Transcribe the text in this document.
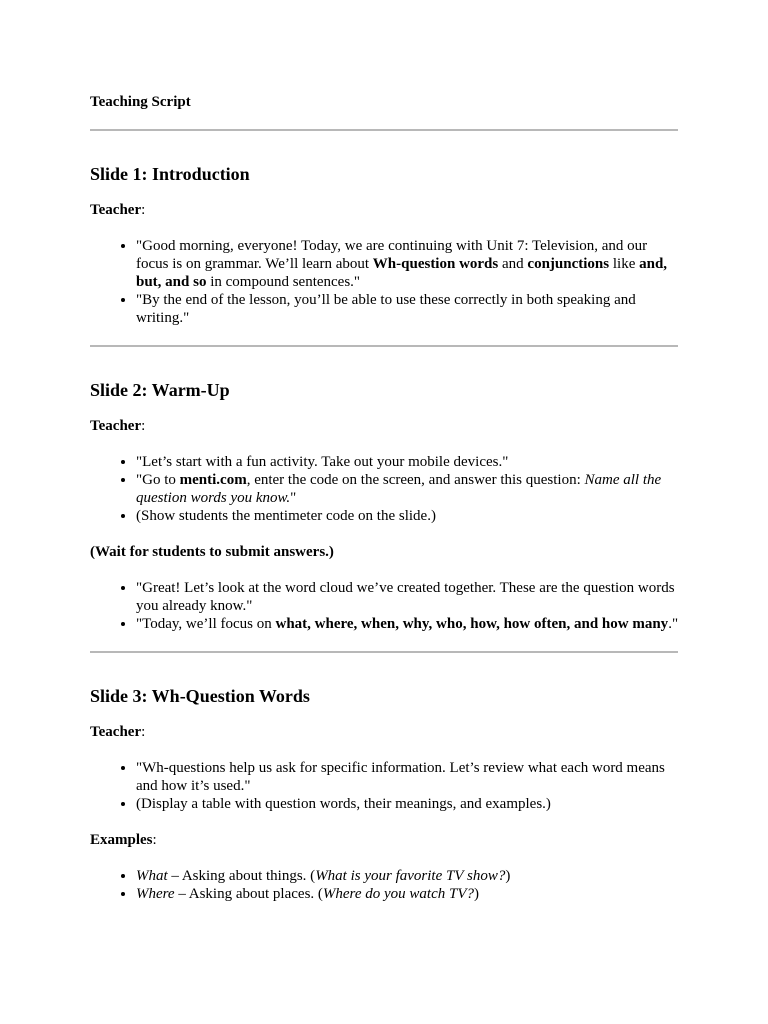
Teaching Script

Slide 1: Introduction

Teacher:

• "Good morning, everyone! Today, we are continuing with Unit 7: Television, and our focus is on grammar. We’ll learn about Wh-question words and conjunctions like and, but, and so in compound sentences."
• "By the end of the lesson, you’ll be able to use these correctly in both speaking and writing."

Slide 2: Warm-Up

Teacher:

• "Let’s start with a fun activity. Take out your mobile devices."
• "Go to menti.com, enter the code on the screen, and answer this question: Name all the question words you know."
• (Show students the mentimeter code on the slide.)

(Wait for students to submit answers.)

• "Great! Let’s look at the word cloud we’ve created together. These are the question words you already know."
• "Today, we’ll focus on what, where, when, why, who, how, how often, and how many."

Slide 3: Wh-Question Words

Teacher:

• "Wh-questions help us ask for specific information. Let’s review what each word means and how it’s used."
• (Display a table with question words, their meanings, and examples.)

Examples:

• What – Asking about things. (What is your favorite TV show?)
• Where – Asking about places. (Where do you watch TV?)
